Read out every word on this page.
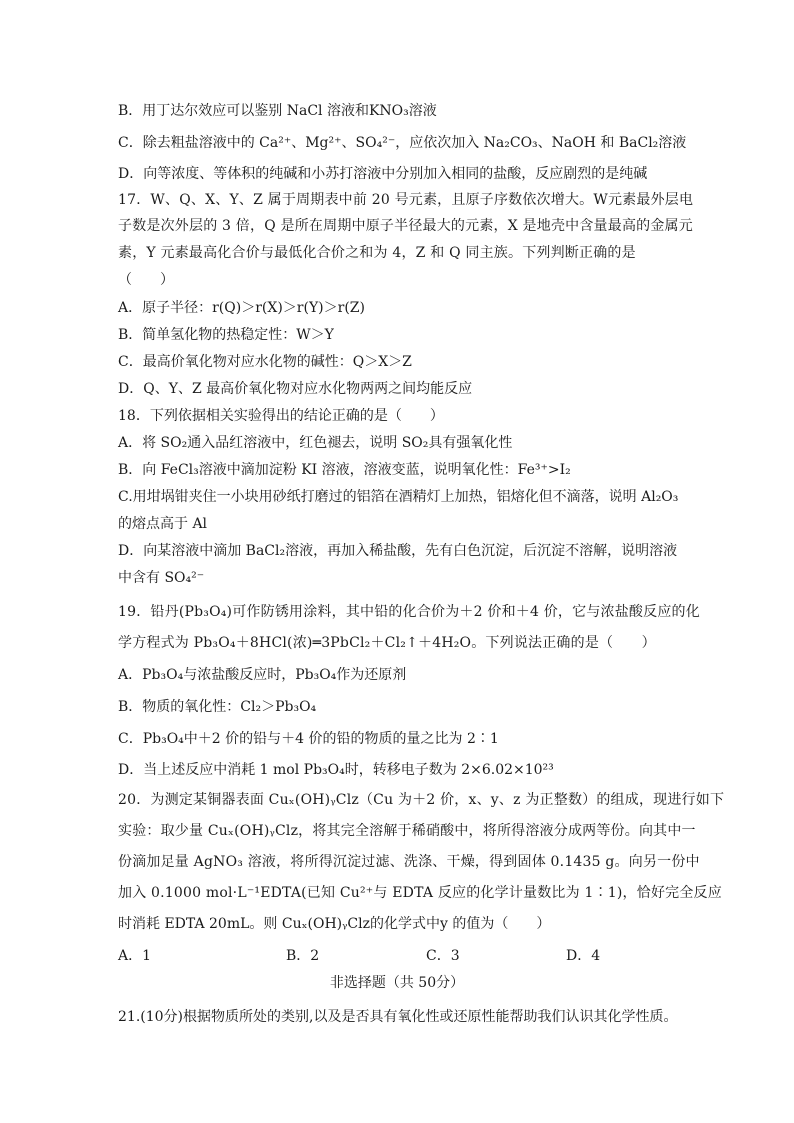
B．用丁达尔效应可以鉴别 NaCl 溶液和KNO₃溶液
C．除去粗盐溶液中的 Ca²⁺、Mg²⁺、SO₄²⁻，应依次加入 Na₂CO₃、NaOH 和 BaCl₂溶液
D．向等浓度、等体积的纯碱和小苏打溶液中分别加入相同的盐酸，反应剧烈的是纯碱
17．W、Q、X、Y、Z 属于周期表中前 20 号元素，且原子序数依次增大。W元素最外层电
子数是次外层的 3 倍，Q 是所在周期中原子半径最大的元素，X 是地壳中含量最高的金属元
素，Y 元素最高化合价与最低化合价之和为 4，Z 和 Q 同主族。下列判断正确的是
（　　）
A．原子半径：r(Q)＞r(X)＞r(Y)＞r(Z)
B．简单氢化物的热稳定性：W＞Y
C．最高价氧化物对应水化物的碱性：Q＞X＞Z
D．Q、Y、Z 最高价氧化物对应水化物两两之间均能反应
18．下列依据相关实验得出的结论正确的是（　　）
A．将 SO₂通入品红溶液中，红色褪去，说明 SO₂具有强氧化性
B．向 FeCl₃溶液中滴加淀粉 KI 溶液，溶液变蓝，说明氧化性：Fe³⁺>I₂
C.用坩埚钳夹住一小块用砂纸打磨过的铝箔在酒精灯上加热，铝熔化但不滴落，说明 Al₂O₃
的熔点高于 Al
D．向某溶液中滴加 BaCl₂溶液，再加入稀盐酸，先有白色沉淀，后沉淀不溶解，说明溶液
中含有 SO₄²⁻
19．铅丹(Pb₃O₄)可作防锈用涂料，其中铅的化合价为＋2 价和＋4 价，它与浓盐酸反应的化
学方程式为 Pb₃O₄＋8HCl(浓)═3PbCl₂＋Cl₂↑＋4H₂O。下列说法正确的是（　　）
A．Pb₃O₄与浓盐酸反应时，Pb₃O₄作为还原剂
B．物质的氧化性：Cl₂＞Pb₃O₄
C．Pb₃O₄中＋2 价的铅与＋4 价的铅的物质的量之比为 2∶1
D．当上述反应中消耗 1 mol Pb₃O₄时，转移电子数为 2×6.02×10²³
20．为测定某铜器表面 Cuₓ(OH)ᵧClz（Cu 为＋2 价，x、y、z 为正整数）的组成，现进行如下
实验：取少量 Cuₓ(OH)ᵧClz，将其完全溶解于稀硝酸中，将所得溶液分成两等份。向其中一
份滴加足量 AgNO₃ 溶液，将所得沉淀过滤、洗涤、干燥，得到固体 0.1435 g。向另一份中
加入 0.1000 mol·L⁻¹EDTA(已知 Cu²⁺与 EDTA 反应的化学计量数比为 1∶1)，恰好完全反应
时消耗 EDTA 20mL。则 Cuₓ(OH)ᵧClz的化学式中y 的值为（　　）
A．1	B．2	C．3	D．4
非选择题（共 50分）
21.(10分)根据物质所处的类别,以及是否具有氧化性或还原性能帮助我们认识其化学性质。
